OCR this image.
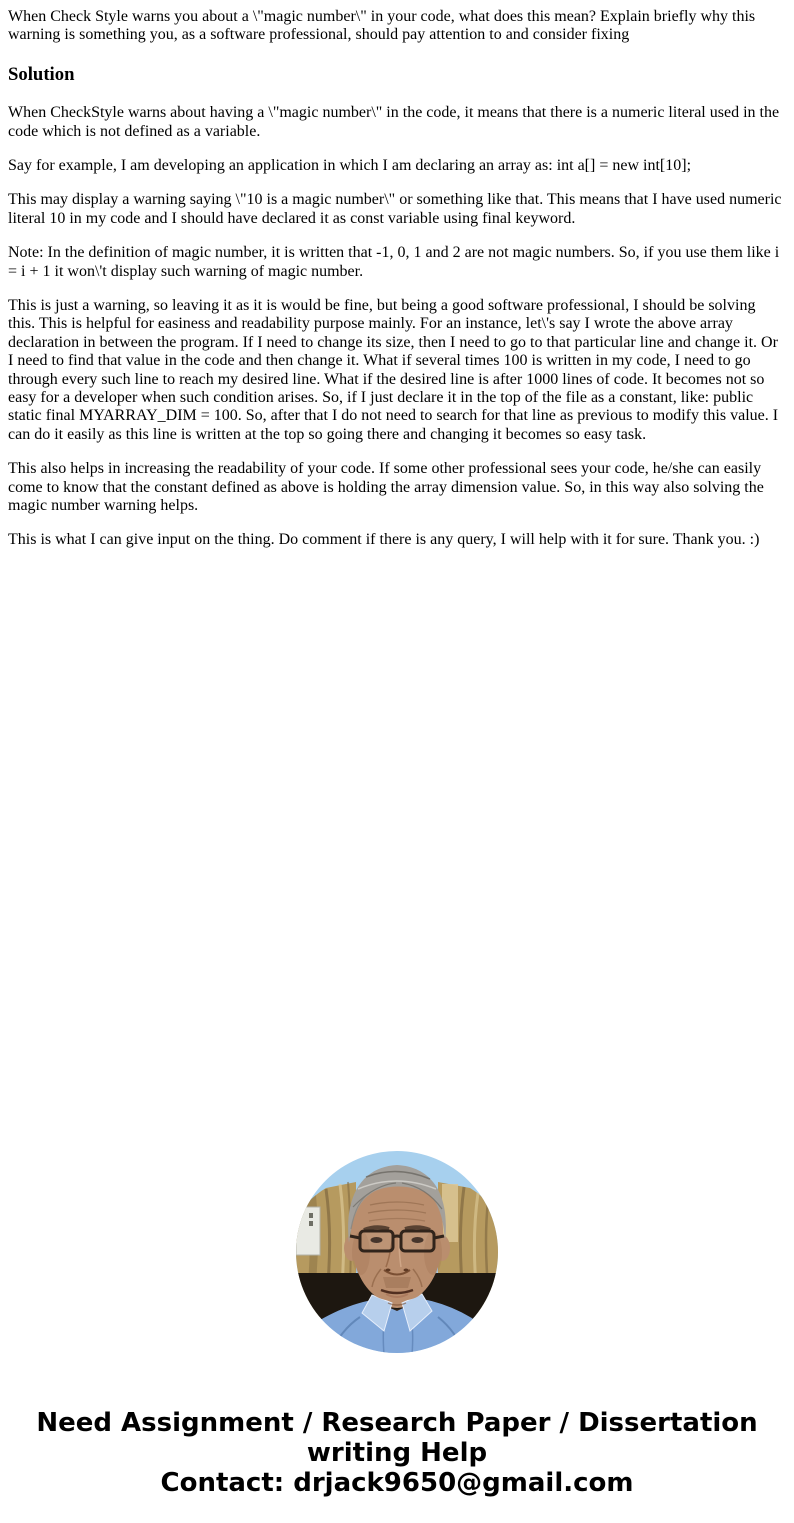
When Check Style warns you about a \"magic number\" in your code, what does this mean? Explain briefly why this warning is something you, as a software professional, should pay attention to and consider fixing

Solution

When CheckStyle warns about having a \"magic number\" in the code, it means that there is a numeric literal used in the code which is not defined as a variable.

Say for example, I am developing an application in which I am declaring an array as: int a[] = new int[10];

This may display a warning saying \"10 is a magic number\" or something like that. This means that I have used numeric literal 10 in my code and I should have declared it as const variable using final keyword.

Note: In the definition of magic number, it is written that -1, 0, 1 and 2 are not magic numbers. So, if you use them like i = i + 1 it won\'t display such warning of magic number.

This is just a warning, so leaving it as it is would be fine, but being a good software professional, I should be solving this. This is helpful for easiness and readability purpose mainly. For an instance, let\'s say I wrote the above array declaration in between the program. If I need to change its size, then I need to go to that particular line and change it. Or I need to find that value in the code and then change it. What if several times 100 is written in my code, I need to go through every such line to reach my desired line. What if the desired line is after 1000 lines of code. It becomes not so easy for a developer when such condition arises. So, if I just declare it in the top of the file as a constant, like: public static final MYARRAY_DIM = 100. So, after that I do not need to search for that line as previous to modify this value. I can do it easily as this line is written at the top so going there and changing it becomes so easy task.

This also helps in increasing the readability of your code. If some other professional sees your code, he/she can easily come to know that the constant defined as above is holding the array dimension value. So, in this way also solving the magic number warning helps.

This is what I can give input on the thing. Do comment if there is any query, I will help with it for sure. Thank you. :)

Need Assignment / Research Paper / Dissertation
writing Help
Contact: drjack9650@gmail.com
